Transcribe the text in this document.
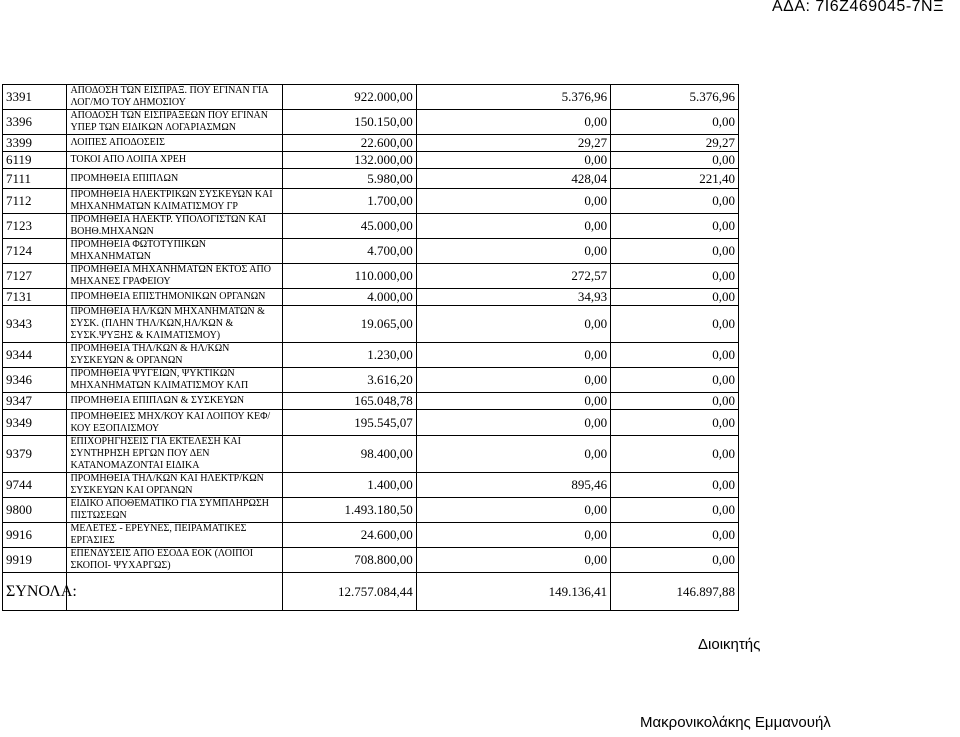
ΑΔΑ: 7Ι6Ζ469045-7ΝΞ
3391	ΑΠΟΔΟΣΗ ΤΩΝ ΕΙΣΠΡΑΞ. ΠΟΥ ΕΓΙΝΑΝ ΓΙΑ ΛΟΓ/ΜΟ ΤΟΥ ΔΗΜΟΣΙΟΥ	922.000,00	5.376,96	5.376,96
3396	ΑΠΟΔΟΣΗ ΤΩΝ ΕΙΣΠΡΑΞΕΩΝ ΠΟΥ ΕΓΙΝΑΝ ΥΠΕΡ ΤΩΝ ΕΙΔΙΚΩΝ ΛΟΓΑΡΙΑΣΜΩΝ	150.150,00	0,00	0,00
3399	ΛΟΙΠΕΣ ΑΠΟΔΟΣΕΙΣ	22.600,00	29,27	29,27
6119	ΤΟΚΟΙ ΑΠΟ ΛΟΙΠΑ ΧΡΕΗ	132.000,00	0,00	0,00
7111	ΠΡΟΜΗΘΕΙΑ ΕΠΙΠΛΩΝ	5.980,00	428,04	221,40
7112	ΠΡΟΜΗΘΕΙΑ ΗΛΕΚΤΡΙΚΩΝ ΣΥΣΚΕΥΩΝ ΚΑΙ ΜΗΧΑΝΗΜΑΤΩΝ ΚΛΙΜΑΤΙΣΜΟΥ ΓΡ	1.700,00	0,00	0,00
7123	ΠΡΟΜΗΘΕΙΑ ΗΛΕΚΤΡ. ΥΠΟΛΟΓΙΣΤΩΝ ΚΑΙ ΒΟΗΘ.ΜΗΧΑΝΩΝ	45.000,00	0,00	0,00
7124	ΠΡΟΜΗΘΕΙΑ ΦΩΤΟΤΥΠΙΚΩΝ ΜΗΧΑΝΗΜΑΤΩΝ	4.700,00	0,00	0,00
7127	ΠΡΟΜΗΘΕΙΑ ΜΗΧΑΝΗΜΑΤΩΝ ΕΚΤΟΣ ΑΠΟ ΜΗΧΑΝΕΣ ΓΡΑΦΕΙΟΥ	110.000,00	272,57	0,00
7131	ΠΡΟΜΗΘΕΙΑ ΕΠΙΣΤΗΜΟΝΙΚΩΝ ΟΡΓΑΝΩΝ	4.000,00	34,93	0,00
9343	ΠΡΟΜΗΘΕΙΑ ΗΛ/ΚΩΝ ΜΗΧΑΝΗΜΑΤΩΝ & ΣΥΣΚ. (ΠΛΗΝ ΤΗΛ/ΚΩΝ,ΗΛ/ΚΩΝ & ΣΥΣΚ.ΨΥΞΗΣ & ΚΛΙΜΑΤΙΣΜΟΥ)	19.065,00	0,00	0,00
9344	ΠΡΟΜΗΘΕΙΑ ΤΗΛ/ΚΩΝ & ΗΛ/ΚΩΝ ΣΥΣΚΕΥΩΝ & ΟΡΓΑΝΩΝ	1.230,00	0,00	0,00
9346	ΠΡΟΜΗΘΕΙΑ ΨΥΓΕΙΩΝ, ΨΥΚΤΙΚΩΝ ΜΗΧΑΝΗΜΑΤΩΝ ΚΛΙΜΑΤΙΣΜΟΥ ΚΛΠ	3.616,20	0,00	0,00
9347	ΠΡΟΜΗΘΕΙΑ ΕΠΙΠΛΩΝ & ΣΥΣΚΕΥΩΝ	165.048,78	0,00	0,00
9349	ΠΡΟΜΗΘΕΙΕΣ ΜΗΧ/ΚΟΥ ΚΑΙ ΛΟΙΠΟΥ ΚΕΦ/ΚΟΥ ΕΞΟΠΛΙΣΜΟΥ	195.545,07	0,00	0,00
9379	ΕΠΙΧΟΡΗΓΗΣΕΙΣ ΓΙΑ ΕΚΤΕΛΕΣΗ ΚΑΙ ΣΥΝΤΗΡΗΣΗ ΕΡΓΩΝ ΠΟΥ ΔΕΝ ΚΑΤΑΝΟΜΑΖΟΝΤΑΙ ΕΙΔΙΚΑ	98.400,00	0,00	0,00
9744	ΠΡΟΜΗΘΕΙΑ ΤΗΛ/ΚΩΝ ΚΑΙ ΗΛΕΚΤΡ/ΚΩΝ ΣΥΣΚΕΥΩΝ ΚΑΙ ΟΡΓΑΝΩΝ	1.400,00	895,46	0,00
9800	ΕΙΔΙΚΟ ΑΠΟΘΕΜΑΤΙΚΟ ΓΙΑ ΣΥΜΠΛΗΡΩΣΗ ΠΙΣΤΩΣΕΩΝ	1.493.180,50	0,00	0,00
9916	ΜΕΛΕΤΕΣ - ΕΡΕΥΝΕΣ, ΠΕΙΡΑΜΑΤΙΚΕΣ ΕΡΓΑΣΙΕΣ	24.600,00	0,00	0,00
9919	ΕΠΕΝΔΥΣΕΙΣ ΑΠΟ ΕΣΟΔΑ ΕΟΚ (ΛΟΙΠΟΙ ΣΚΟΠΟΙ- ΨΥΧΑΡΓΩΣ)	708.800,00	0,00	0,00
ΣΥΝΟΛΑ:		12.757.084,44	149.136,41	146.897,88
Διοικητής
Μακρονικολάκης Εμμανουήλ
